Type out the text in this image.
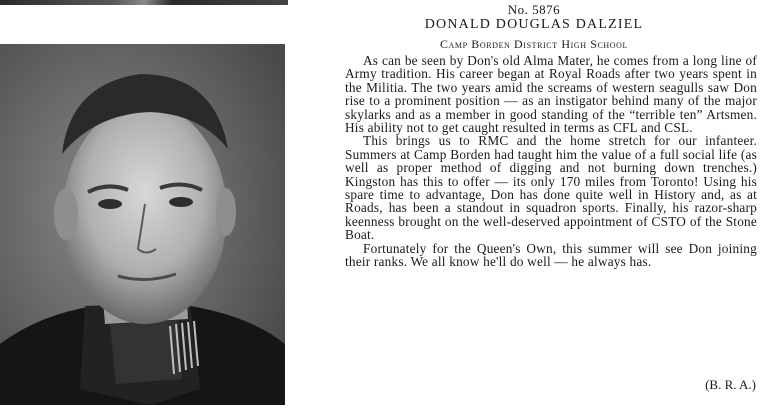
No. 5876
DONALD DOUGLAS DALZIEL
Camp Borden District High School

As can be seen by Don's old Alma Mater, he comes from a long line of Army tradition. His career began at Royal Roads after two years spent in the Militia. The two years amid the screams of western seagulls saw Don rise to a prominent position — as an instigator behind many of the major skylarks and as a member in good standing of the “terrible ten” Artsmen. His ability not to get caught resulted in terms as CFL and CSL.

This brings us to RMC and the home stretch for our infanteer. Summers at Camp Borden had taught him the value of a full social life (as well as proper method of digging and not burning down trenches.) Kingston has this to offer — its only 170 miles from Toronto! Using his spare time to advantage, Don has done quite well in History and, as at Roads, has been a standout in squadron sports. Finally, his razor-sharp keenness brought on the well-deserved appointment of CSTO of the Stone Boat.

Fortunately for the Queen's Own, this summer will see Don joining their ranks. We all know he'll do well — he always has.

(B. R. A.)
